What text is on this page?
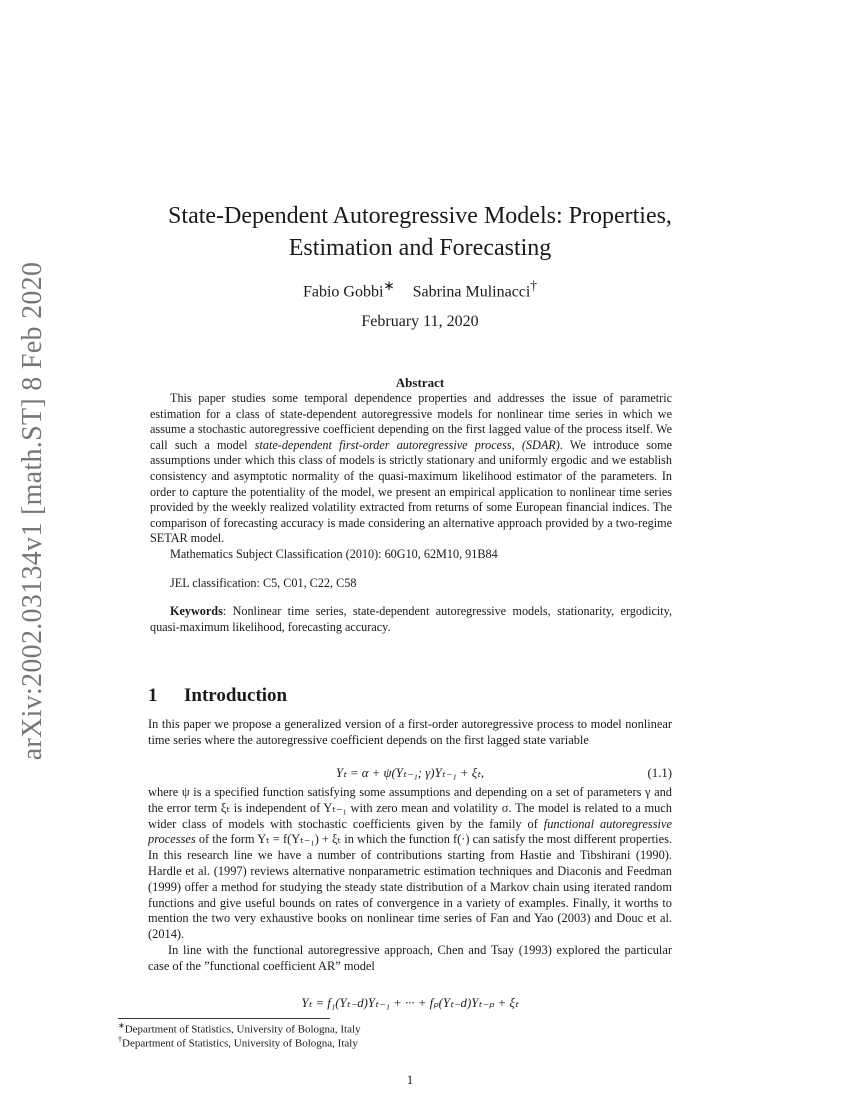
arXiv:2002.03134v1 [math.ST] 8 Feb 2020
State-Dependent Autoregressive Models: Properties,
Estimation and Forecasting
Fabio Gobbi∗ Sabrina Mulinacci†
February 11, 2020
Abstract

This paper studies some temporal dependence properties and addresses the issue of parametric estimation for a class of state-dependent autoregressive models for nonlinear time series in which we assume a stochastic autoregressive coefficient depending on the first lagged value of the process itself. We call such a model state-dependent first-order autoregressive process, (SDAR). We introduce some assumptions under which this class of models is strictly stationary and uniformly ergodic and we establish consistency and asymptotic normality of the quasi-maximum likelihood estimator of the parameters. In order to capture the potentiality of the model, we present an empirical application to nonlinear time series provided by the weekly realized volatility extracted from returns of some European financial indices. The comparison of forecasting accuracy is made considering an alternative approach provided by a two-regime SETAR model.

Mathematics Subject Classification (2010): 60G10, 62M10, 91B84

JEL classification: C5, C01, C22, C58

Keywords: Nonlinear time series, state-dependent autoregressive models, stationarity, ergodicity, quasi-maximum likelihood, forecasting accuracy.

1 Introduction

In this paper we propose a generalized version of a first-order autoregressive process to model nonlinear time series where the autoregressive coefficient depends on the first lagged state variable

Yₜ = α + ψ(Yₜ₋₁; γ)Yₜ₋₁ + ξₜ,	(1.1)

where ψ is a specified function satisfying some assumptions and depending on a set of parameters γ and the error term ξₜ is independent of Yₜ₋₁ with zero mean and volatility σ. The model is related to a much wider class of models with stochastic coefficients given by the family of functional autoregressive processes of the form Yₜ = f(Yₜ₋₁) + ξₜ in which the function f(·) can satisfy the most different properties. In this research line we have a number of contributions starting from Hastie and Tibshirani (1990). Hardle et al. (1997) reviews alternative nonparametric estimation techniques and Diaconis and Feedman (1999) offer a method for studying the steady state distribution of a Markov chain using iterated random functions and give useful bounds on rates of convergence in a variety of examples. Finally, it worths to mention the two very exhaustive books on nonlinear time series of Fan and Yao (2003) and Douc et al. (2014).

In line with the functional autoregressive approach, Chen and Tsay (1993) explored the particular case of the ”functional coefficient AR” model

Yₜ = f₁(Yₜ₋d)Yₜ₋₁ + ··· + fₚ(Yₜ₋d)Yₜ₋ₚ + ξₜ
∗Department of Statistics, University of Bologna, Italy
†Department of Statistics, University of Bologna, Italy
1
